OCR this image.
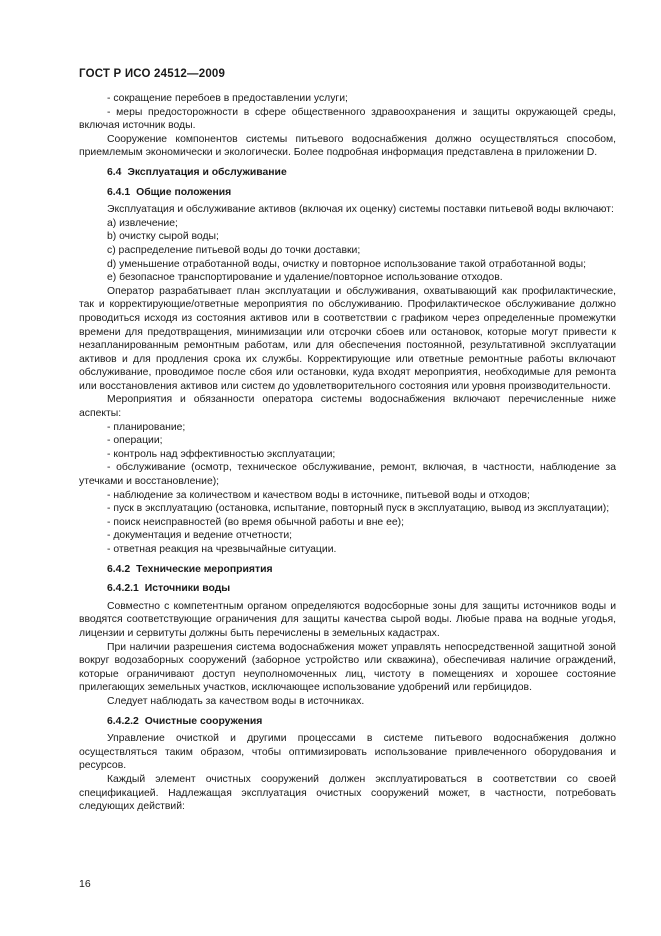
ГОСТ Р ИСО 24512—2009

- сокращение перебоев в предоставлении услуги;

- меры предосторожности в сфере общественного здравоохранения и защиты окружающей среды, включая источник воды.

Сооружение компонентов системы питьевого водоснабжения должно осуществляться способом, приемлемым экономически и экологически. Более подробная информация представлена в приложении D.

6.4 Эксплуатация и обслуживание

6.4.1 Общие положения

Эксплуатация и обслуживание активов (включая их оценку) системы поставки питьевой воды включают:

a) извлечение;

b) очистку сырой воды;

c) распределение питьевой воды до точки доставки;

d) уменьшение отработанной воды, очистку и повторное использование такой отработанной воды;

e) безопасное транспортирование и удаление/повторное использование отходов.

Оператор разрабатывает план эксплуатации и обслуживания, охватывающий как профилактические, так и корректирующие/ответные мероприятия по обслуживанию. Профилактическое обслуживание должно проводиться исходя из состояния активов или в соответствии с графиком через определенные промежутки времени для предотвращения, минимизации или отсрочки сбоев или остановок, которые могут привести к незапланированным ремонтным работам, или для обеспечения постоянной, результативной эксплуатации активов и для продления срока их службы. Корректирующие или ответные ремонтные работы включают обслуживание, проводимое после сбоя или остановки, куда входят мероприятия, необходимые для ремонта или восстановления активов или систем до удовлетворительного состояния или уровня производительности.

Мероприятия и обязанности оператора системы водоснабжения включают перечисленные ниже аспекты:

- планирование;

- операции;

- контроль над эффективностью эксплуатации;

- обслуживание (осмотр, техническое обслуживание, ремонт, включая, в частности, наблюдение за утечками и восстановление);

- наблюдение за количеством и качеством воды в источнике, питьевой воды и отходов;

- пуск в эксплуатацию (остановка, испытание, повторный пуск в эксплуатацию, вывод из эксплуатации);

- поиск неисправностей (во время обычной работы и вне ее);

- документация и ведение отчетности;

- ответная реакция на чрезвычайные ситуации.

6.4.2 Технические мероприятия

6.4.2.1 Источники воды

Совместно с компетентным органом определяются водосборные зоны для защиты источников воды и вводятся соответствующие ограничения для защиты качества сырой воды. Любые права на водные угодья, лицензии и сервитуты должны быть перечислены в земельных кадастрах.

При наличии разрешения система водоснабжения может управлять непосредственной защитной зоной вокруг водозаборных сооружений (заборное устройство или скважина), обеспечивая наличие ограждений, которые ограничивают доступ неуполномоченных лиц, чистоту в помещениях и хорошее состояние прилегающих земельных участков, исключающее использование удобрений или гербицидов.

Следует наблюдать за качеством воды в источниках.

6.4.2.2 Очистные сооружения

Управление очисткой и другими процессами в системе питьевого водоснабжения должно осуществляться таким образом, чтобы оптимизировать использование привлеченного оборудования и ресурсов.

Каждый элемент очистных сооружений должен эксплуатироваться в соответствии со своей спецификацией. Надлежащая эксплуатация очистных сооружений может, в частности, потребовать следующих действий:

16
